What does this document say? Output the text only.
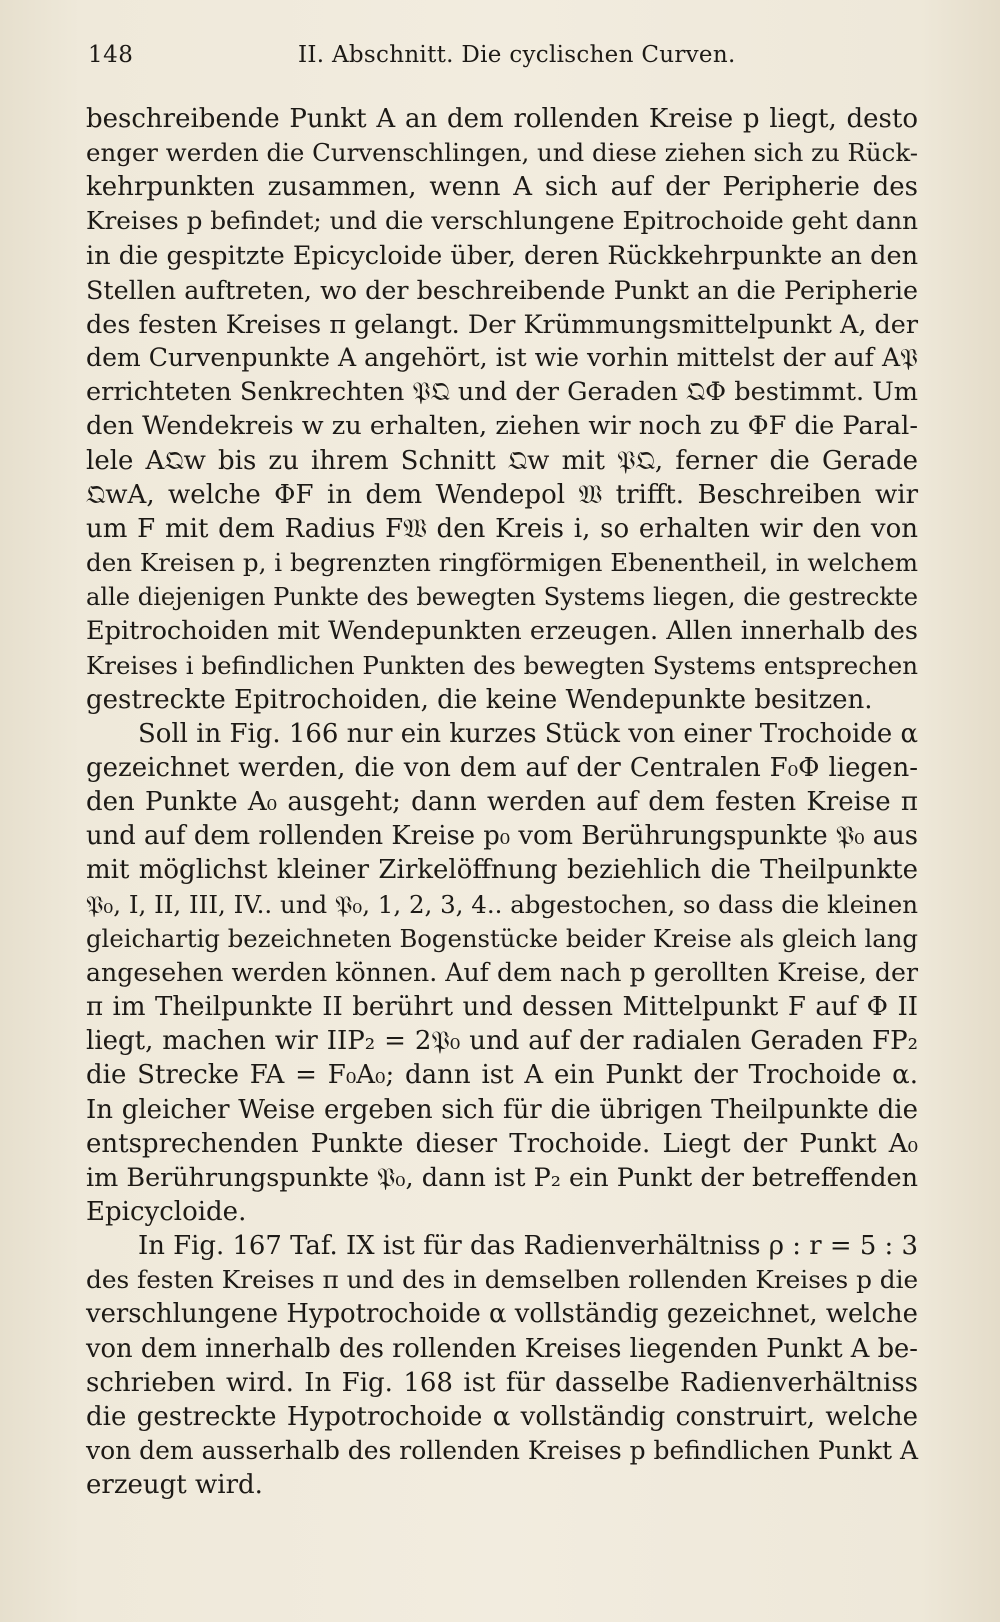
148	II. Abschnitt. Die cyclischen Curven.
beschreibende Punkt A an dem rollenden Kreise p liegt, desto
enger werden die Curvenschlingen, und diese ziehen sich zu Rück-
kehrpunkten zusammen, wenn A sich auf der Peripherie des
Kreises p befindet; und die verschlungene Epitrochoide geht dann
in die gespitzte Epicycloide über, deren Rückkehrpunkte an den
Stellen auftreten, wo der beschreibende Punkt an die Peripherie
des festen Kreises π gelangt. Der Krümmungsmittelpunkt A, der
dem Curvenpunkte A angehört, ist wie vorhin mittelst der auf A𝔓
errichteten Senkrechten 𝔓𝔔 und der Geraden 𝔔Φ bestimmt. Um
den Wendekreis w zu erhalten, ziehen wir noch zu ΦF die Paral-
lele A𝔔w bis zu ihrem Schnitt 𝔔w mit 𝔓𝔔, ferner die Gerade
𝔔wA, welche ΦF in dem Wendepol 𝔚 trifft. Beschreiben wir
um F mit dem Radius F𝔚 den Kreis i, so erhalten wir den von
den Kreisen p, i begrenzten ringförmigen Ebenentheil, in welchem
alle diejenigen Punkte des bewegten Systems liegen, die gestreckte
Epitrochoiden mit Wendepunkten erzeugen. Allen innerhalb des
Kreises i befindlichen Punkten des bewegten Systems entsprechen
gestreckte Epitrochoiden, die keine Wendepunkte besitzen.
Soll in Fig. 166 nur ein kurzes Stück von einer Trochoide α
gezeichnet werden, die von dem auf der Centralen F₀Φ liegen-
den Punkte A₀ ausgeht; dann werden auf dem festen Kreise π
und auf dem rollenden Kreise p₀ vom Berührungspunkte 𝔓₀ aus
mit möglichst kleiner Zirkelöffnung beziehlich die Theilpunkte
𝔓₀, I, II, III, IV.. und 𝔓₀, 1, 2, 3, 4.. abgestochen, so dass die kleinen
gleichartig bezeichneten Bogenstücke beider Kreise als gleich lang
angesehen werden können. Auf dem nach p gerollten Kreise, der
π im Theilpunkte II berührt und dessen Mittelpunkt F auf Φ II
liegt, machen wir IIP₂ = 2𝔓₀ und auf der radialen Geraden FP₂
die Strecke FA = F₀A₀; dann ist A ein Punkt der Trochoide α.
In gleicher Weise ergeben sich für die übrigen Theilpunkte die
entsprechenden Punkte dieser Trochoide. Liegt der Punkt A₀
im Berührungspunkte 𝔓₀, dann ist P₂ ein Punkt der betreffenden
Epicycloide.
In Fig. 167 Taf. IX ist für das Radienverhältniss ρ : r = 5 : 3
des festen Kreises π und des in demselben rollenden Kreises p die
verschlungene Hypotrochoide α vollständig gezeichnet, welche
von dem innerhalb des rollenden Kreises liegenden Punkt A be-
schrieben wird. In Fig. 168 ist für dasselbe Radienverhältniss
die gestreckte Hypotrochoide α vollständig construirt, welche
von dem ausserhalb des rollenden Kreises p befindlichen Punkt A
erzeugt wird.
